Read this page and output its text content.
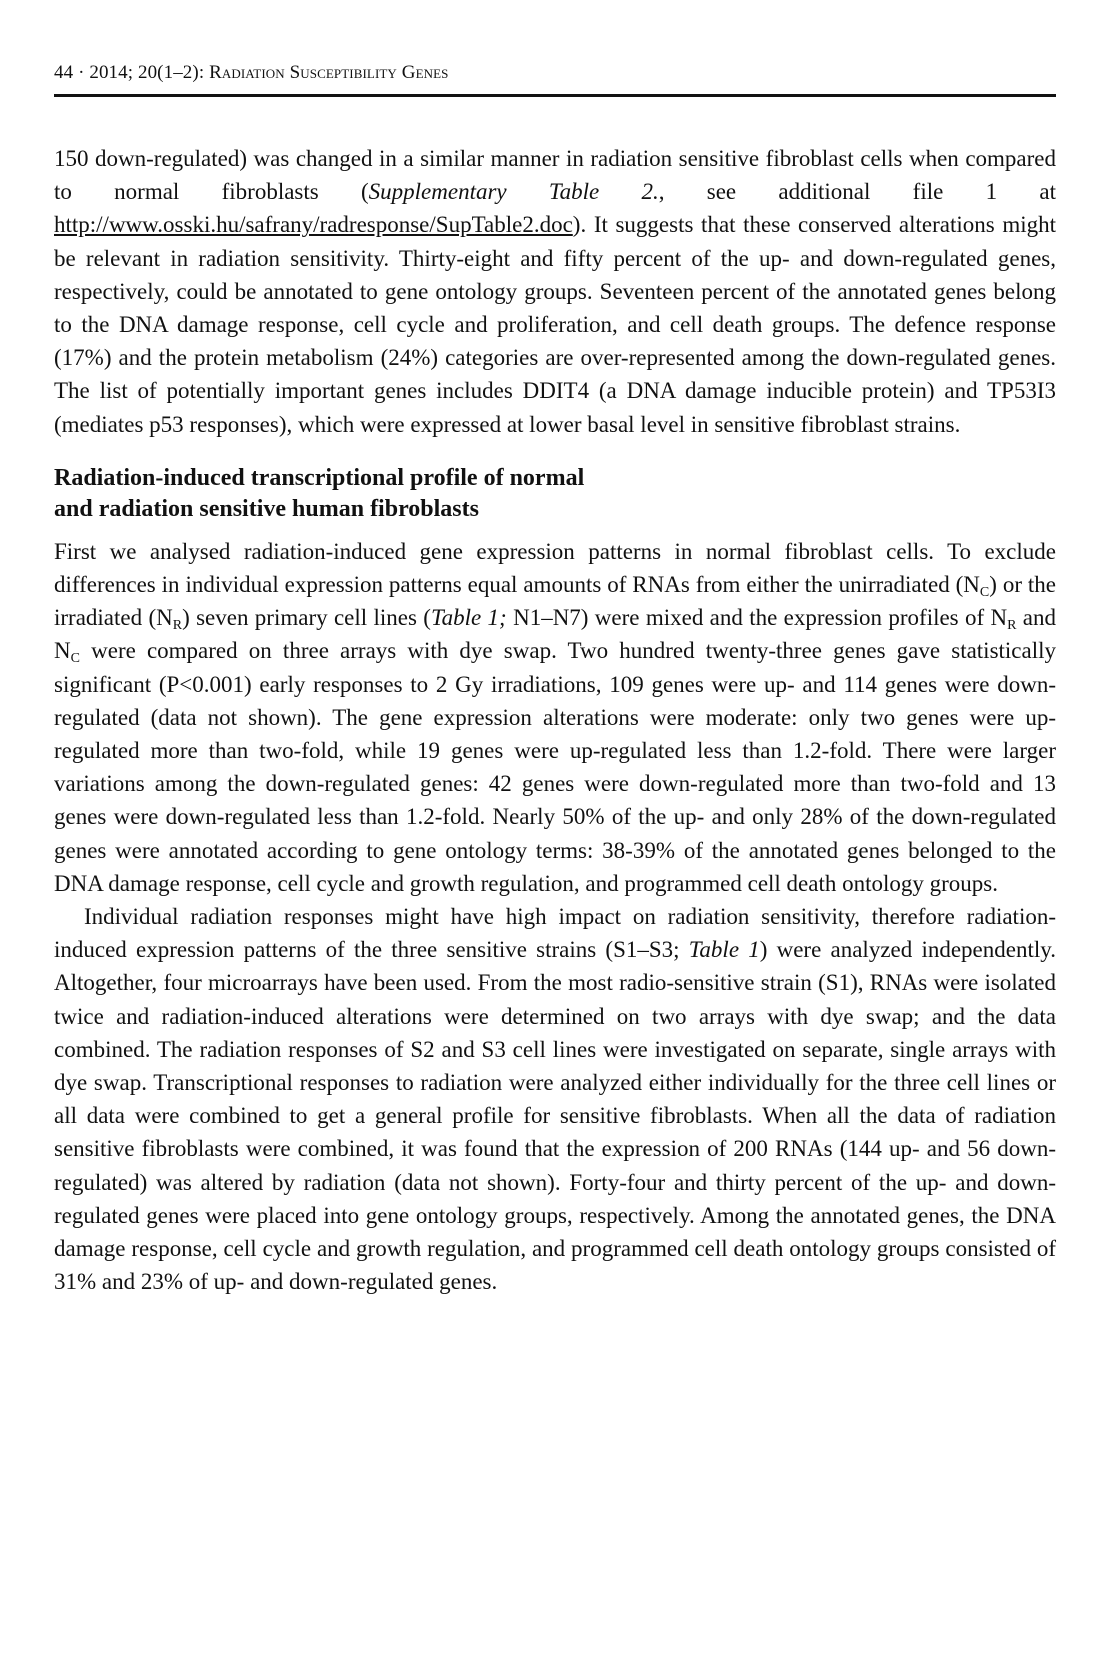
44 · 2014; 20(1–2): Radiation Susceptibility Genes

150 down-regulated) was changed in a similar manner in radiation sensitive fibroblast cells when compared to normal fibroblasts (Supplementary Table 2., see additional file 1 at http://www.osski.hu/safrany/radresponse/SupTable2.doc). It suggests that these conserved alterations might be relevant in radiation sensitivity. Thirty-eight and fifty percent of the up- and down-regulated genes, respectively, could be annotated to gene ontology groups. Seventeen percent of the annotated genes belong to the DNA damage response, cell cycle and proliferation, and cell death groups. The defence response (17%) and the protein metabolism (24%) categories are over-represented among the down-regulated genes. The list of potentially important genes includes DDIT4 (a DNA damage inducible protein) and TP53I3 (mediates p53 responses), which were expressed at lower basal level in sensitive fibroblast strains.

Radiation-induced transcriptional profile of normal
and radiation sensitive human fibroblasts

First we analysed radiation-induced gene expression patterns in normal fibroblast cells. To exclude differences in individual expression patterns equal amounts of RNAs from either the unirradiated $(N_C)$ or the irradiated $(N_R)$ seven primary cell lines (Table 1; N1–N7) were mixed and the expression profiles of $N_R$ and $N_C$ were compared on three arrays with dye swap. Two hundred twenty-three genes gave statistically significant (P<0.001) early responses to 2 Gy irradiations, 109 genes were up- and 114 genes were down-regulated (data not shown). The gene expression alterations were moderate: only two genes were up-regulated more than two-fold, while 19 genes were up-regulated less than 1.2-fold. There were larger variations among the down-regulated genes: 42 genes were down-regulated more than two-fold and 13 genes were down-regulated less than 1.2-fold. Nearly 50% of the up- and only 28% of the down-regulated genes were annotated according to gene ontology terms: 38-39% of the annotated genes belonged to the DNA damage response, cell cycle and growth regulation, and programmed cell death ontology groups.

Individual radiation responses might have high impact on radiation sensitivity, therefore radiation-induced expression patterns of the three sensitive strains (S1–S3; Table 1) were analyzed independently. Altogether, four microarrays have been used. From the most radio-sensitive strain (S1), RNAs were isolated twice and radiation-induced alterations were determined on two arrays with dye swap; and the data combined. The radiation responses of S2 and S3 cell lines were investigated on separate, single arrays with dye swap. Transcriptional responses to radiation were analyzed either individually for the three cell lines or all data were combined to get a general profile for sensitive fibroblasts. When all the data of radiation sensitive fibroblasts were combined, it was found that the expression of 200 RNAs (144 up- and 56 down-regulated) was altered by radiation (data not shown). Forty-four and thirty percent of the up- and down-regulated genes were placed into gene ontology groups, respectively. Among the annotated genes, the DNA damage response, cell cycle and growth regulation, and programmed cell death ontology groups consisted of 31% and 23% of up- and down-regulated genes.
